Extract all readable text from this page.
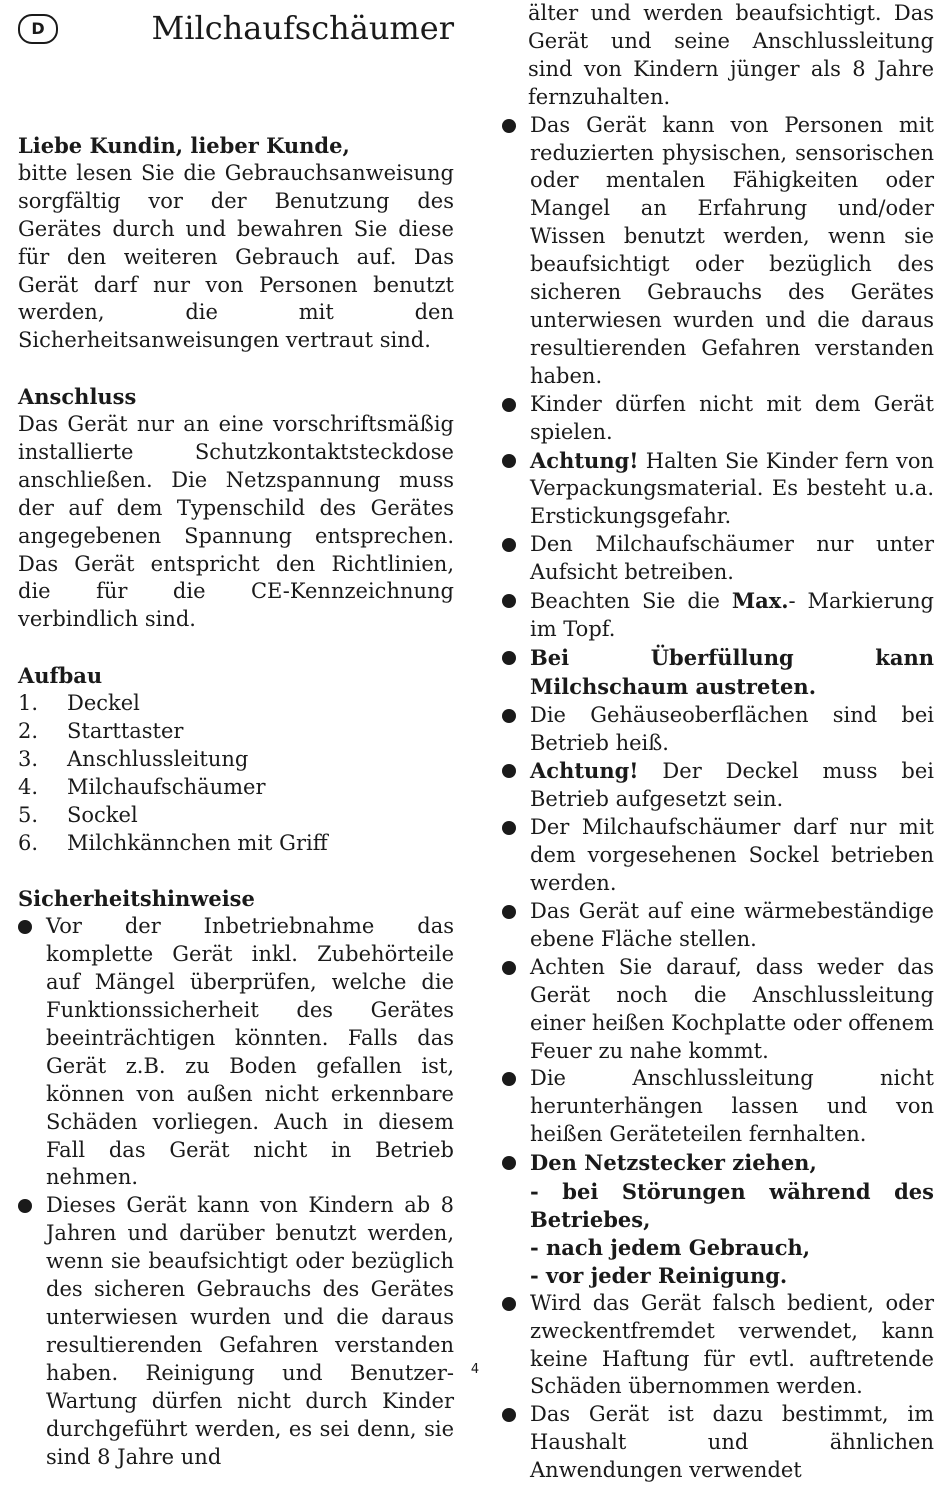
D	Milchaufschäumer

Liebe Kundin, lieber Kunde,

bitte lesen Sie die Gebrauchsanweisung sorgfältig vor der Benutzung des Gerätes durch und bewahren Sie diese für den weiteren Gebrauch auf. Das Gerät darf nur von Personen benutzt werden, die mit den Sicherheitsanweisungen vertraut sind.

Anschluss

Das Gerät nur an eine vorschriftsmäßig installierte Schutzkontaktsteckdose anschließen. Die Netzspannung muss der auf dem Typenschild des Gerätes angegebenen Spannung entsprechen. Das Gerät entspricht den Richtlinien, die für die CE-Kennzeichnung verbindlich sind.

Aufbau

1.	Deckel
2.	Starttaster
3.	Anschlussleitung
4.	Milchaufschäumer
5.	Sockel
6.	Milchkännchen mit Griff

Sicherheitshinweise

Vor der Inbetriebnahme das komplette Gerät inkl. Zubehörteile auf Mängel überprüfen, welche die Funktionssicherheit des Gerätes beeinträchtigen könnten. Falls das Gerät z.B. zu Boden gefallen ist, können von außen nicht erkennbare Schäden vorliegen. Auch in diesem Fall das Gerät nicht in Betrieb nehmen.
Dieses Gerät kann von Kindern ab 8 Jahren und darüber benutzt werden, wenn sie beaufsichtigt oder bezüglich des sicheren Gebrauchs des Gerätes unterwiesen wurden und die daraus resultierenden Gefahren verstanden haben. Reinigung und Benutzer-Wartung dürfen nicht durch Kinder durchgeführt werden, es sei denn, sie sind 8 Jahre und

älter und werden beaufsichtigt. Das Gerät und seine Anschlussleitung sind von Kindern jünger als 8 Jahre fernzuhalten.

Das Gerät kann von Personen mit reduzierten physischen, sensorischen oder mentalen Fähigkeiten oder Mangel an Erfahrung und/oder Wissen benutzt werden, wenn sie beaufsichtigt oder bezüglich des sicheren Gebrauchs des Gerätes unterwiesen wurden und die daraus resultierenden Gefahren verstanden haben.
Kinder dürfen nicht mit dem Gerät spielen.
Achtung! Halten Sie Kinder fern von Verpackungsmaterial. Es besteht u.a. Erstickungsgefahr.
Den Milchaufschäumer nur unter Aufsicht betreiben.
Beachten Sie die Max.- Markierung im Topf.
Bei Überfüllung kann Milchschaum austreten.
Die Gehäuseoberflächen sind bei Betrieb heiß.
Achtung! Der Deckel muss bei Betrieb aufgesetzt sein.
Der Milchaufschäumer darf nur mit dem vorgesehenen Sockel betrieben werden.
Das Gerät auf eine wärmebeständige ebene Fläche stellen.
Achten Sie darauf, dass weder das Gerät noch die Anschlussleitung einer heißen Kochplatte oder offenem Feuer zu nahe kommt.
Die Anschlussleitung nicht herunterhängen lassen und von heißen Geräteteilen fernhalten.
Den Netzstecker ziehen,
- bei Störungen während des Betriebes,
- nach jedem Gebrauch,
- vor jeder Reinigung.
Wird das Gerät falsch bedient, oder zweckentfremdet verwendet, kann keine Haftung für evtl. auftretende Schäden übernommen werden.
Das Gerät ist dazu bestimmt, im Haushalt und ähnlichen Anwendungen verwendet
4
